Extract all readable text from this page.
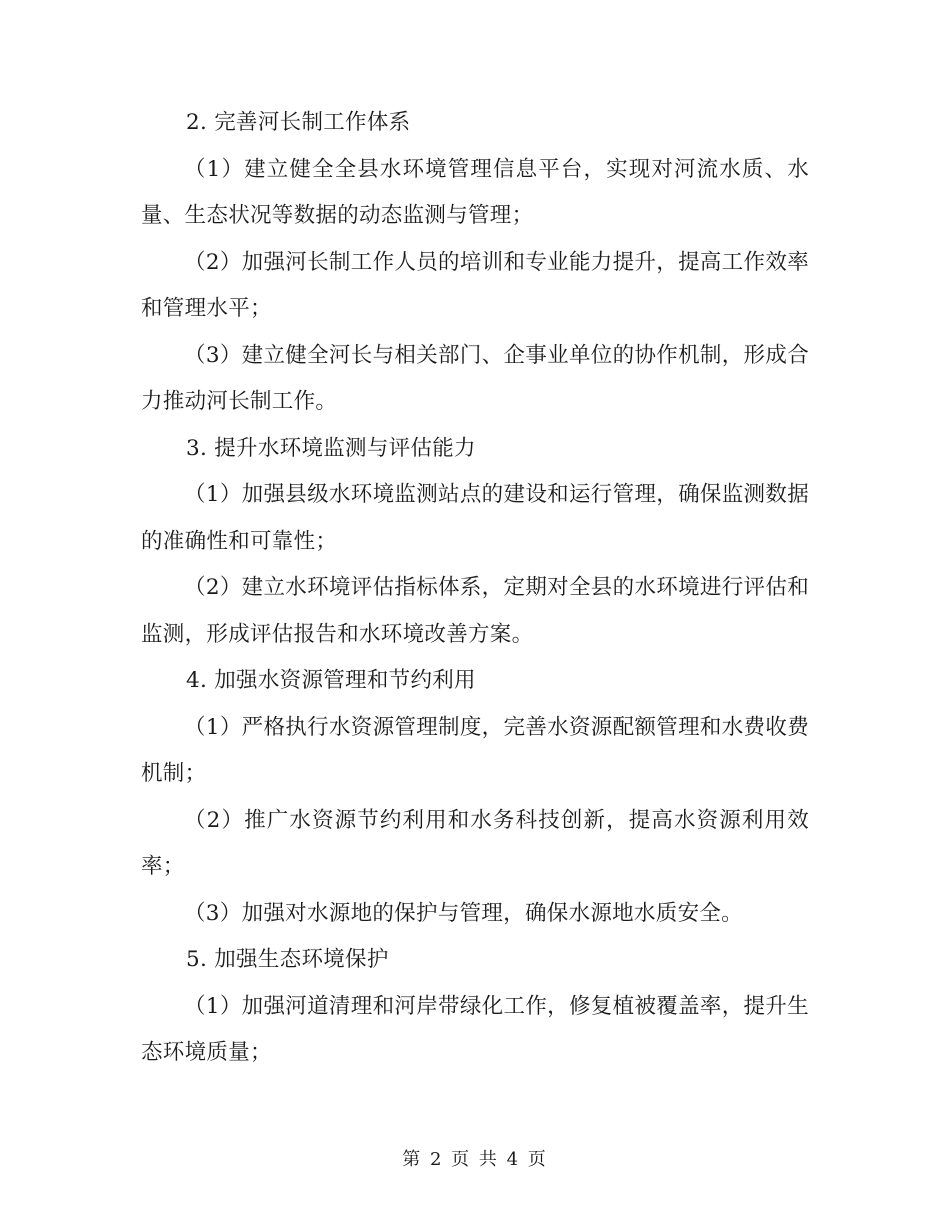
2. 完善河长制工作体系

（1）建立健全全县水环境管理信息平台，实现对河流水质、水量、生态状况等数据的动态监测与管理；

（2）加强河长制工作人员的培训和专业能力提升，提高工作效率和管理水平；

（3）建立健全河长与相关部门、企事业单位的协作机制，形成合力推动河长制工作。

3. 提升水环境监测与评估能力

（1）加强县级水环境监测站点的建设和运行管理，确保监测数据的准确性和可靠性；

（2）建立水环境评估指标体系，定期对全县的水环境进行评估和监测，形成评估报告和水环境改善方案。

4. 加强水资源管理和节约利用

（1）严格执行水资源管理制度，完善水资源配额管理和水费收费机制；

（2）推广水资源节约利用和水务科技创新，提高水资源利用效率；

（3）加强对水源地的保护与管理，确保水源地水质安全。

5. 加强生态环境保护

（1）加强河道清理和河岸带绿化工作，修复植被覆盖率，提升生态环境质量；

第 2 页 共 4 页
